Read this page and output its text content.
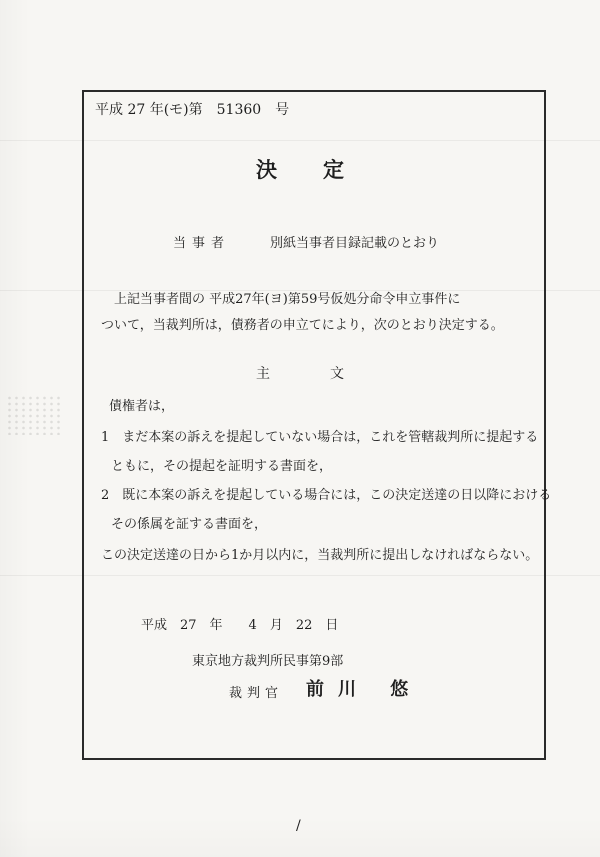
平成 27 年(モ)第　51360　号
決定
当事者	別紙当事者目録記載のとおり
上記当事者間の 平成27年(ヨ)第59号仮処分命令申立事件に
ついて，当裁判所は，債務者の申立てにより，次のとおり決定する。
主文
債権者は，
1　まだ本案の訴えを提起していない場合は，これを管轄裁判所に提起する
ともに，その提起を証明する書面を，
2　既に本案の訴えを提起している場合には，この決定送達の日以降における
その係属を証する書面を，
この決定送達の日から1か月以内に，当裁判所に提出しなければならない。
平成　27　年　　4　月　22　日
東京地方裁判所民事第9部
裁判官 前川 悠
/
